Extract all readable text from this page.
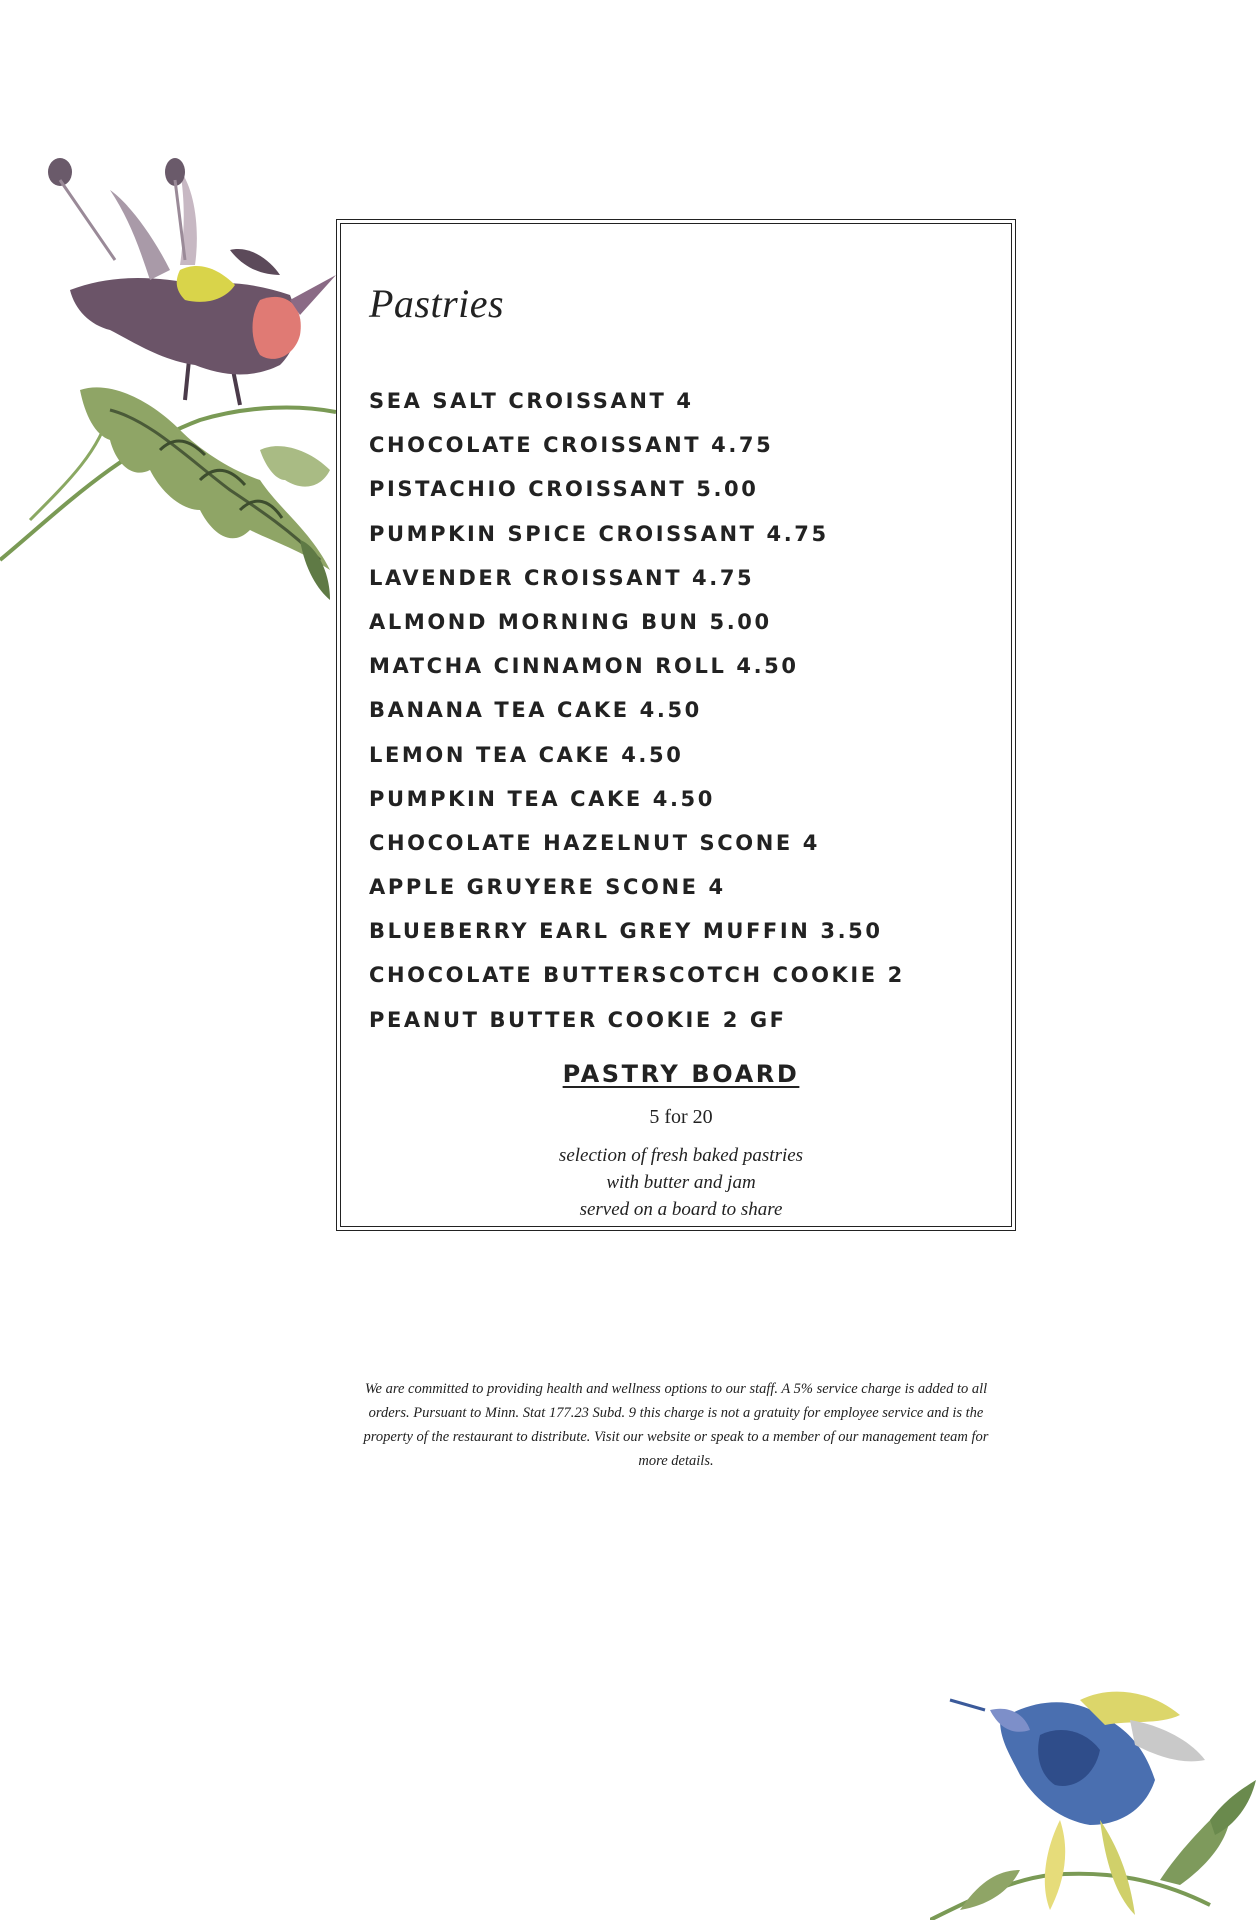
Pastries
SEA SALT CROISSANT 4
CHOCOLATE CROISSANT 4.75
PISTACHIO CROISSANT 5.00
PUMPKIN SPICE CROISSANT 4.75
LAVENDER CROISSANT 4.75
ALMOND MORNING BUN 5.00
MATCHA CINNAMON ROLL 4.50
BANANA TEA CAKE 4.50
LEMON TEA CAKE 4.50
PUMPKIN TEA CAKE 4.50
CHOCOLATE HAZELNUT SCONE 4
APPLE GRUYERE SCONE 4
BLUEBERRY EARL GREY MUFFIN 3.50
CHOCOLATE BUTTERSCOTCH COOKIE 2
PEANUT BUTTER COOKIE 2 GF
PASTRY BOARD
5 for 20
selection of fresh baked pastries
with butter and jam
served on a board to share
We are committed to providing health and wellness options to our staff. A 5% service charge is added to all orders. Pursuant to Minn. Stat 177.23 Subd. 9 this charge is not a gratuity for employee service and is the property of the restaurant to distribute. Visit our website or speak to a member of our management team for more details.
